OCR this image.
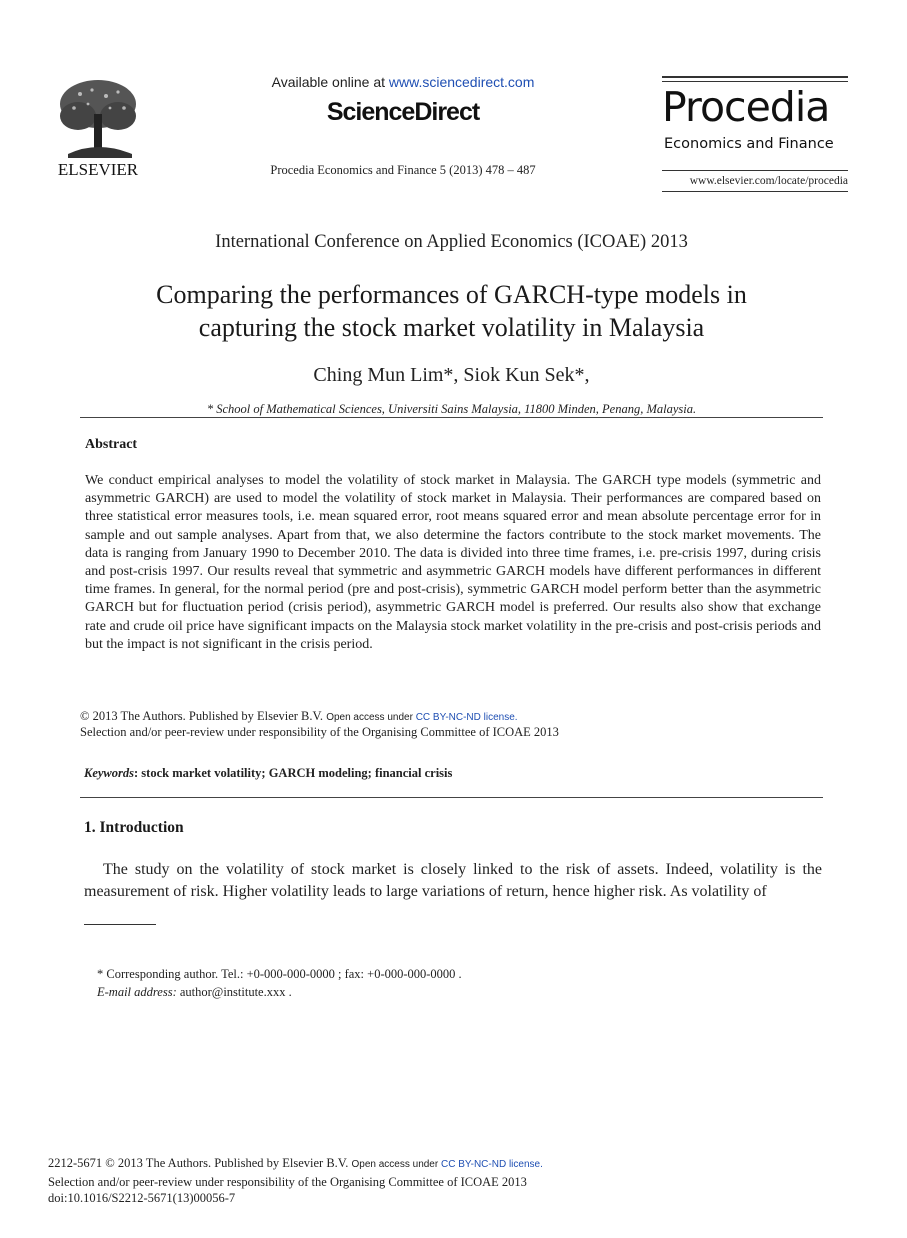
ELSEVIER
Available online at www.sciencedirect.com
ScienceDirect
Procedia Economics and Finance 5 (2013) 478 – 487
Procedia
Economics and Finance
www.elsevier.com/locate/procedia
International Conference on Applied Economics (ICOAE) 2013
Comparing the performances of GARCH-type models in
capturing the stock market volatility in Malaysia
Ching Mun Lim*, Siok Kun Sek*,
* School of Mathematical Sciences, Universiti Sains Malaysia, 11800 Minden, Penang, Malaysia.
Abstract
We conduct empirical analyses to model the volatility of stock market in Malaysia. The GARCH type models (symmetric and asymmetric GARCH) are used to model the volatility of stock market in Malaysia. Their performances are compared based on three statistical error measures tools, i.e. mean squared error, root means squared error and mean absolute percentage error for in sample and out sample analyses. Apart from that, we also determine the factors contribute to the stock market movements. The data is ranging from January 1990 to December 2010. The data is divided into three time frames, i.e. pre-crisis 1997, during crisis and post-crisis 1997. Our results reveal that symmetric and asymmetric GARCH models have different performances in different time frames. In general, for the normal period (pre and post-crisis), symmetric GARCH model perform better than the asymmetric GARCH but for fluctuation period (crisis period), asymmetric GARCH model is preferred. Our results also show that exchange rate and crude oil price have significant impacts on the Malaysia stock market volatility in the pre-crisis and post-crisis periods and but the impact is not significant in the crisis period.
© 2013 The Authors. Published by Elsevier B.V. Open access under CC BY-NC-ND license.
Selection and/or peer-review under responsibility of the Organising Committee of ICOAE 2013
Keywords: stock market volatility; GARCH modeling; financial crisis
1. Introduction
The study on the volatility of stock market is closely linked to the risk of assets. Indeed, volatility is the measurement of risk. Higher volatility leads to large variations of return, hence higher risk. As volatility of
* Corresponding author. Tel.: +0-000-000-0000 ; fax: +0-000-000-0000 .
E-mail address: author@institute.xxx .
2212-5671 © 2013 The Authors. Published by Elsevier B.V. Open access under CC BY-NC-ND license.
Selection and/or peer-review under responsibility of the Organising Committee of ICOAE 2013
doi:10.1016/S2212-5671(13)00056-7
